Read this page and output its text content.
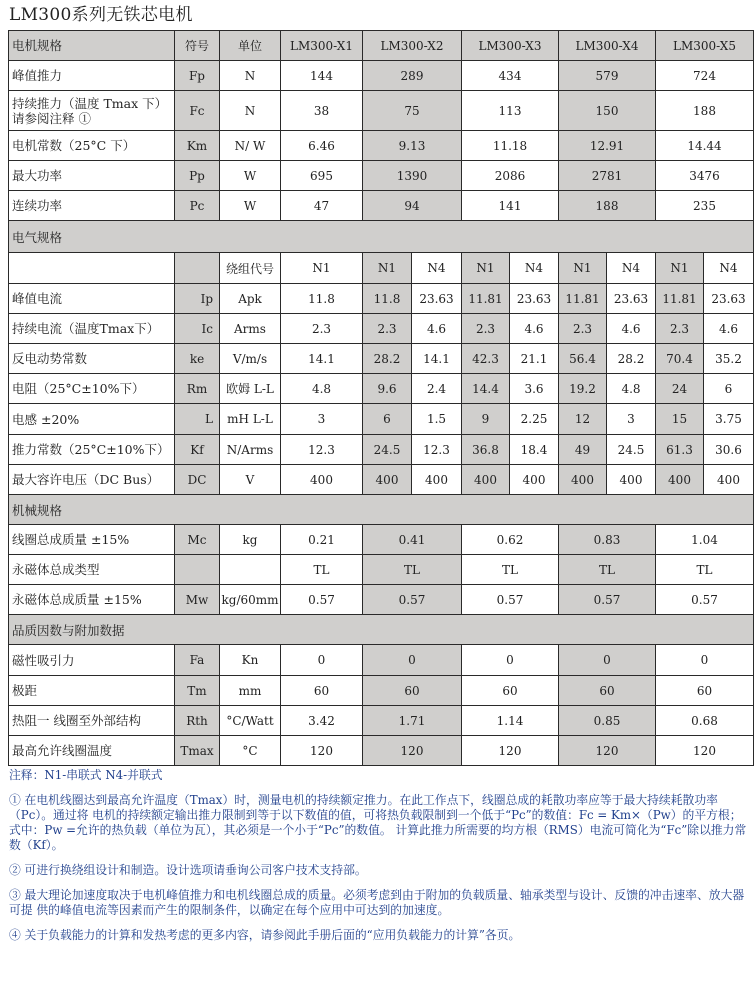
LM300系列无铁芯电机
电机规格	符号	单位	LM300-X1	LM300-X2		LM300-X3		LM300-X4		LM300-X5	
峰值推力	Fp	N	144	289		434		579		724	
持续推力（温度 Tmax 下）请参阅注释 ①	Fc	N	38	75		113		150		188	
电机常数（25°C 下）	Km	N/ W	6.46	9.13		11.18		12.91		14.44	
最大功率	Pp	W	695	1390		2086		2781		3476	
连续功率	Pc	W	47	94		141		188		235	
电气规格											
		绕组代号	N1	N1	N4	N1	N4	N1	N4	N1	N4
峰值电流	Ip	Apk	11.8	11.8	23.63	11.81	23.63	11.81	23.63	11.81	23.63
持续电流（温度Tmax下）	Ic	Arms	2.3	2.3	4.6	2.3	4.6	2.3	4.6	2.3	4.6
反电动势常数	ke	V/m/s	14.1	28.2	14.1	42.3	21.1	56.4	28.2	70.4	35.2
电阻（25°C±10%下）	Rm	欧姆 L-L	4.8	9.6	2.4	14.4	3.6	19.2	4.8	24	6
电感 ±20%	L	mH L-L	3	6	1.5	9	2.25	12	3	15	3.75
推力常数（25°C±10%下）	Kf	N/Arms	12.3	24.5	12.3	36.8	18.4	49	24.5	61.3	30.6
最大容许电压（DC Bus）	DC	V	400	400	400	400	400	400	400	400	400
机械规格											
线圈总成质量 ±15%	Mc	kg	0.21	0.41		0.62		0.83		1.04	
永磁体总成类型			TL	TL		TL		TL		TL	
永磁体总成质量 ±15%	Mw	kg/60mm	0.57	0.57		0.57		0.57		0.57	
品质因数与附加数据											
磁性吸引力	Fa	Kn	0	0		0		0		0	
极距	Tm	mm	60	60		60		60		60	
热阻一 线圈至外部结构	Rth	°C/Watt	3.42	1.71		1.14		0.85		0.68	
最高允许线圈温度	Tmax	°C	120	120		120		120		120	

注释：N1-串联式 N4-并联式

① 在电机线圈达到最高允许温度（Tmax）时，测量电机的持续额定推力。在此工作点下，线圈总成的耗散功率应等于最大持续耗散功率（Pc）。通过将 电机的持续额定输出推力限制到等于以下数值的值，可将热负载限制到一个低于“Pc”的数值：Fc = Km×（Pw）的平方根；式中：Pw =允许的热负载（单位为瓦），其必须是一个小于“Pc”的数值。 计算此推力所需要的均方根（RMS）电流可简化为“Fc”除以推力常数（Kf）。

② 可进行换绕组设计和制造。设计选项请垂询公司客户技术支持部。

③ 最大理论加速度取决于电机峰值推力和电机线圈总成的质量。必须考虑到由于附加的负载质量、轴承类型与设计、反馈的冲击速率、放大器可提 供的峰值电流等因素而产生的限制条件，以确定在每个应用中可达到的加速度。

④ 关于负载能力的计算和发热考虑的更多内容，请参阅此手册后面的“应用负载能力的计算”各页。
